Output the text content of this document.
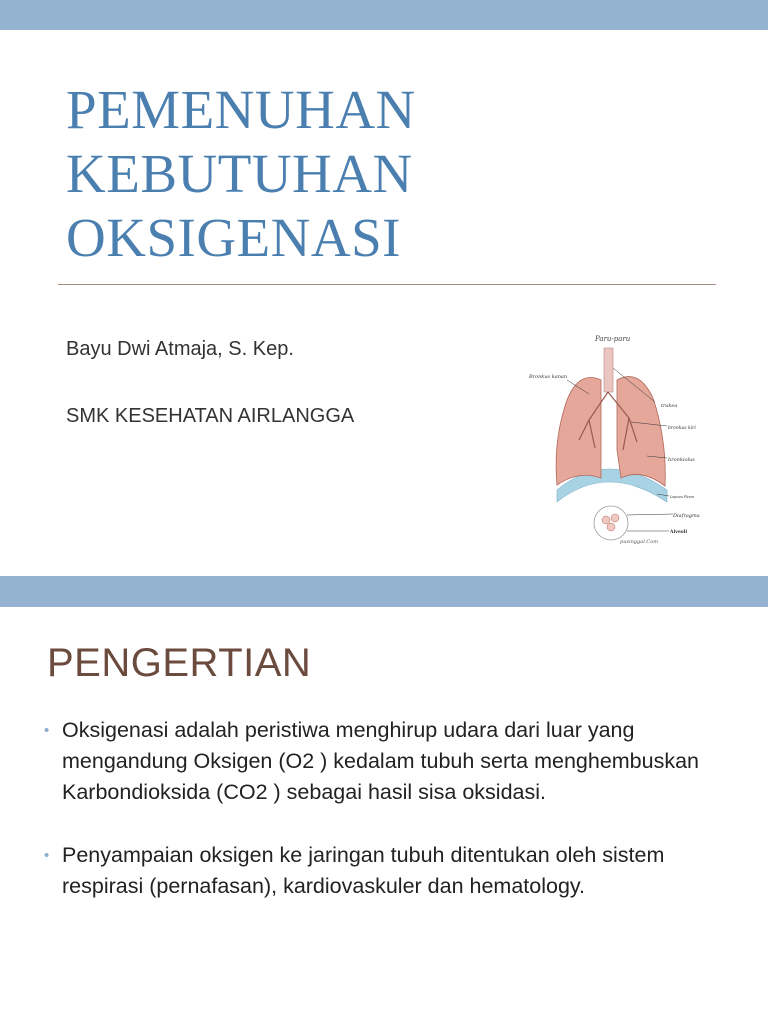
PEMENUHAN
KEBUTUHAN
OKSIGENASI
Bayu Dwi Atmaja, S. Kep.
SMK KESEHATAN AIRLANGGA
Paru-paru
Bronkus kanan
trakea
bronkus kiri
bronkiolus
Lapisan Pleura
Diafragma
Alveoli
pusinggal.Com
PENGERTIAN
• Oksigenasi adalah peristiwa menghirup udara dari luar yang mengandung Oksigen (O2 ) kedalam tubuh serta menghembuskan Karbondioksida (CO2 ) sebagai hasil sisa oksidasi.
• Penyampaian oksigen ke jaringan tubuh ditentukan oleh sistem respirasi (pernafasan), kardiovaskuler dan hematology.
